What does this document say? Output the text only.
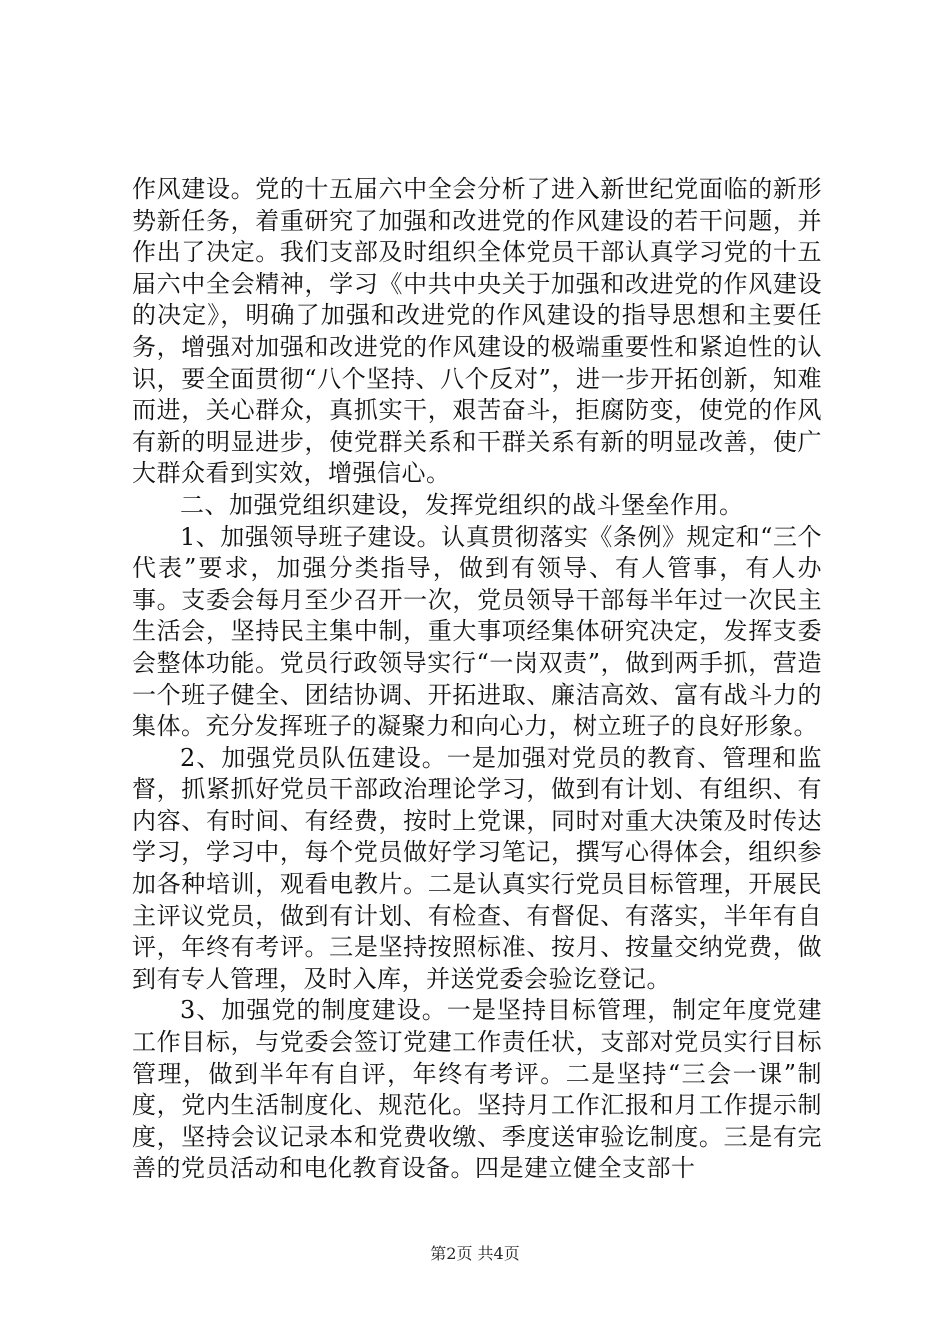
作风建设。党的十五届六中全会分析了进入新世纪党面临的新形势新任务，着重研究了加强和改进党的作风建设的若干问题，并作出了决定。我们支部及时组织全体党员干部认真学习党的十五届六中全会精神，学习《中共中央关于加强和改进党的作风建设的决定》，明确了加强和改进党的作风建设的指导思想和主要任务，增强对加强和改进党的作风建设的极端重要性和紧迫性的认识，要全面贯彻“八个坚持、八个反对”，进一步开拓创新，知难而进，关心群众，真抓实干，艰苦奋斗，拒腐防变，使党的作风有新的明显进步，使党群关系和干群关系有新的明显改善，使广大群众看到实效，增强信心。

二、加强党组织建设，发挥党组织的战斗堡垒作用。

1、加强领导班子建设。认真贯彻落实《条例》规定和“三个代表”要求，加强分类指导，做到有领导、有人管事，有人办事。支委会每月至少召开一次，党员领导干部每半年过一次民主生活会，坚持民主集中制，重大事项经集体研究决定，发挥支委会整体功能。党员行政领导实行“一岗双责”，做到两手抓，营造一个班子健全、团结协调、开拓进取、廉洁高效、富有战斗力的集体。充分发挥班子的凝聚力和向心力，树立班子的良好形象。

2、加强党员队伍建设。一是加强对党员的教育、管理和监督，抓紧抓好党员干部政治理论学习，做到有计划、有组织、有内容、有时间、有经费，按时上党课，同时对重大决策及时传达学习，学习中，每个党员做好学习笔记，撰写心得体会，组织参加各种培训，观看电教片。二是认真实行党员目标管理，开展民主评议党员，做到有计划、有检查、有督促、有落实，半年有自评，年终有考评。三是坚持按照标准、按月、按量交纳党费，做到有专人管理，及时入库，并送党委会验讫登记。

3、加强党的制度建设。一是坚持目标管理，制定年度党建工作目标，与党委会签订党建工作责任状，支部对党员实行目标管理，做到半年有自评，年终有考评。二是坚持“三会一课”制度，党内生活制度化、规范化。坚持月工作汇报和月工作提示制度，坚持会议记录本和党费收缴、季度送审验讫制度。三是有完善的党员活动和电化教育设备。四是建立健全支部十

第2页 共4页
